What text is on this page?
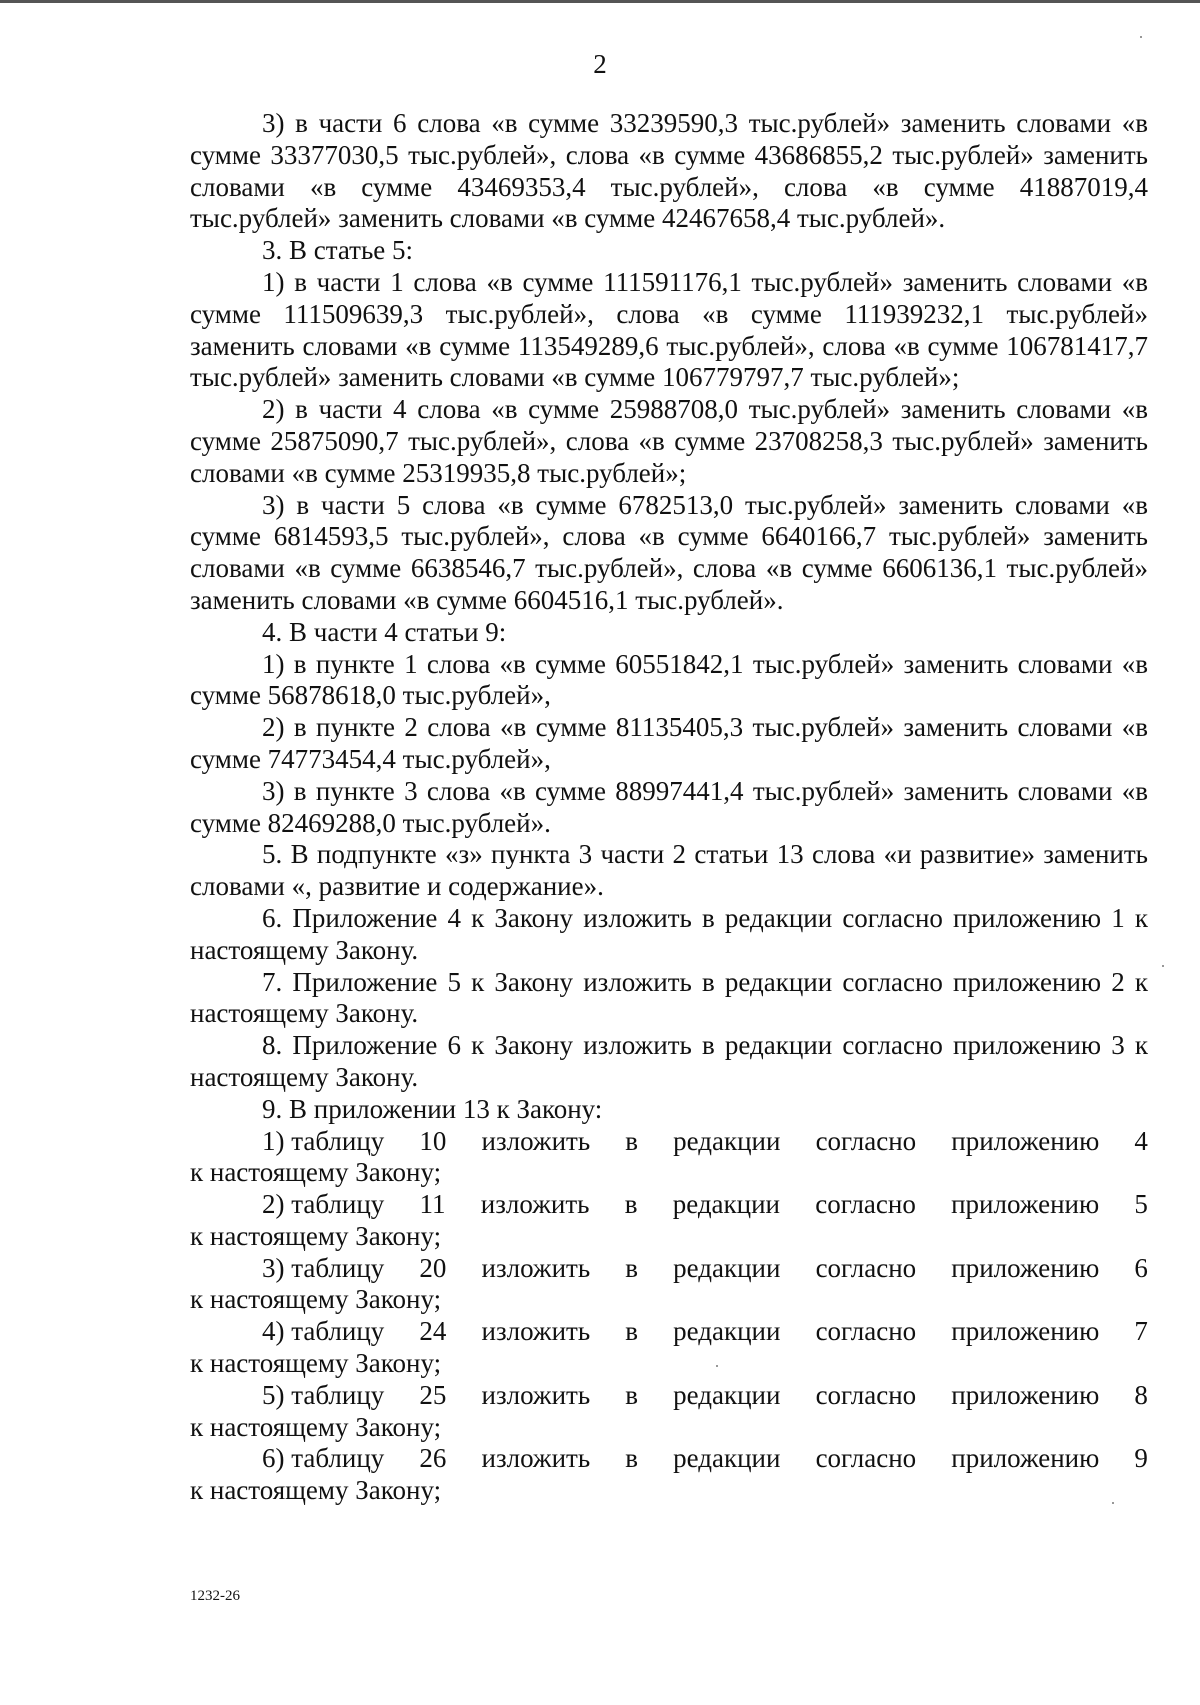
2

3) в части 6 слова «в сумме 33239590,3 тыс.рублей» заменить словами «в сумме 33377030,5 тыс.рублей», слова «в сумме 43686855,2 тыс.рублей» заменить словами «в сумме 43469353,4 тыс.рублей», слова «в сумме 41887019,4 тыс.рублей» заменить словами «в сумме 42467658,4 тыс.рублей».

3. В статье 5:

1) в части 1 слова «в сумме 111591176,1 тыс.рублей» заменить словами «в сумме 111509639,3 тыс.рублей», слова «в сумме 111939232,1 тыс.рублей» заменить словами «в сумме 113549289,6 тыс.рублей», слова «в сумме 106781417,7 тыс.рублей» заменить словами «в сумме 106779797,7 тыс.рублей»;

2) в части 4 слова «в сумме 25988708,0 тыс.рублей» заменить словами «в сумме 25875090,7 тыс.рублей», слова «в сумме 23708258,3 тыс.рублей» заменить словами «в сумме 25319935,8 тыс.рублей»;

3) в части 5 слова «в сумме 6782513,0 тыс.рублей» заменить словами «в сумме 6814593,5 тыс.рублей», слова «в сумме 6640166,7 тыс.рублей» заменить словами «в сумме 6638546,7 тыс.рублей», слова «в сумме 6606136,1 тыс.рублей» заменить словами «в сумме 6604516,1 тыс.рублей».

4. В части 4 статьи 9:

1) в пункте 1 слова «в сумме 60551842,1 тыс.рублей» заменить словами «в сумме 56878618,0 тыс.рублей»,

2) в пункте 2 слова «в сумме 81135405,3 тыс.рублей» заменить словами «в сумме 74773454,4 тыс.рублей»,

3) в пункте 3 слова «в сумме 88997441,4 тыс.рублей» заменить словами «в сумме 82469288,0 тыс.рублей».

5. В подпункте «з» пункта 3 части 2 статьи 13 слова «и развитие» заменить словами «, развитие и содержание».

6. Приложение 4 к Закону изложить в редакции согласно приложению 1 к настоящему Закону.

7. Приложение 5 к Закону изложить в редакции согласно приложению 2 к настоящему Закону.

8. Приложение 6 к Закону изложить в редакции согласно приложению 3 к настоящему Закону.

9. В приложении 13 к Закону:

1) таблицу 10 изложить в редакции согласно приложению 4

к настоящему Закону;

2) таблицу 11 изложить в редакции согласно приложению 5

к настоящему Закону;

3) таблицу 20 изложить в редакции согласно приложению 6

к настоящему Закону;

4) таблицу 24 изложить в редакции согласно приложению 7

к настоящему Закону;

5) таблицу 25 изложить в редакции согласно приложению 8

к настоящему Закону;

6) таблицу 26 изложить в редакции согласно приложению 9

к настоящему Закону;

1232-26
